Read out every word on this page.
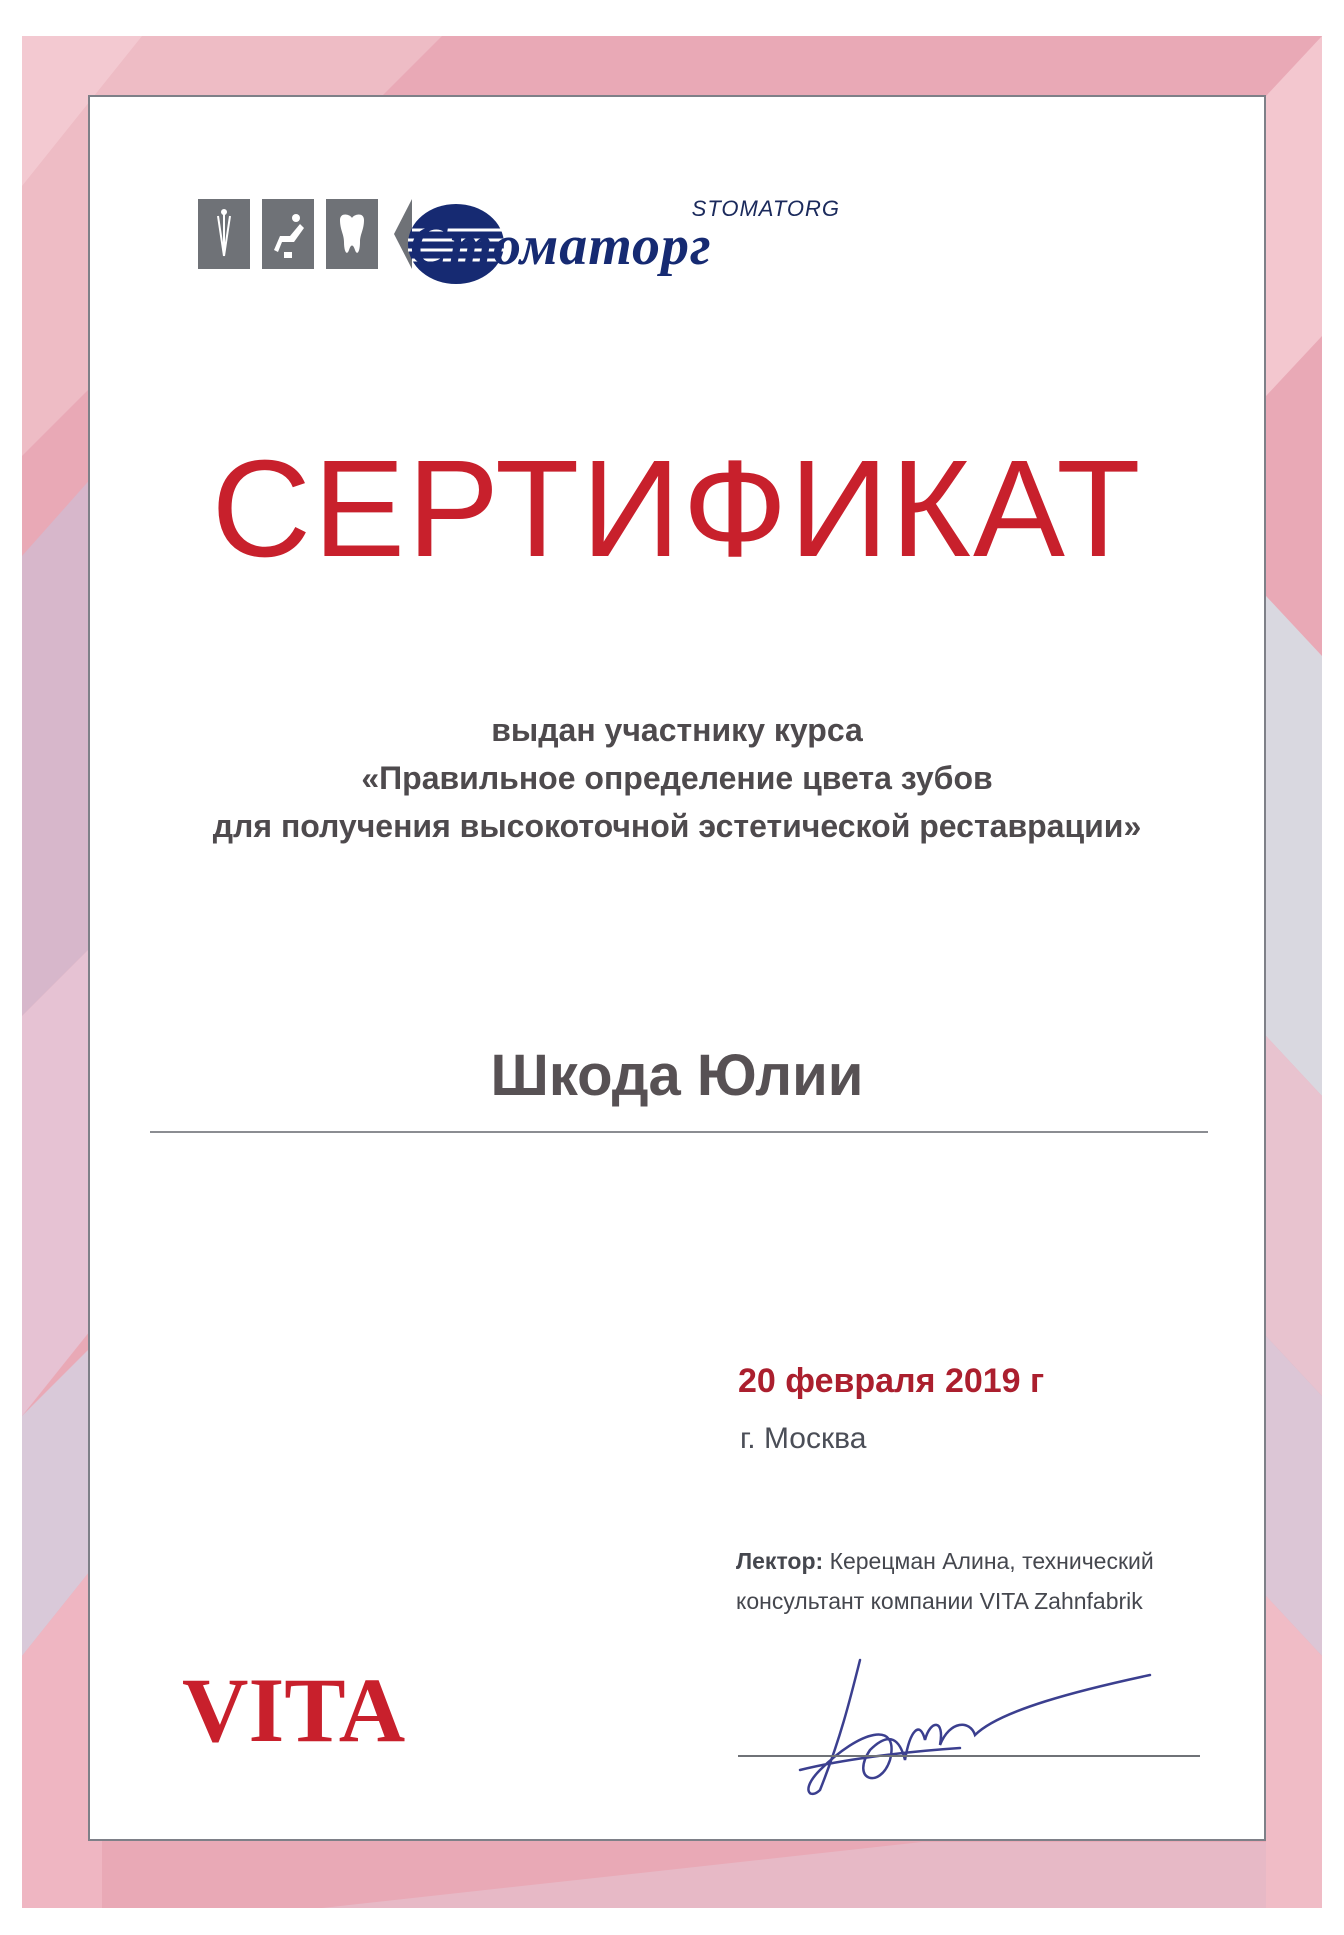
STOMATORG
Стоматорг
СЕРТИФИКАТ
выдан участнику курса
«Правильное определение цвета зубов
для получения высокоточной эстетической реставрации»
Шкода Юлии
20 февраля 2019 г
г. Москва
Лектор: Керецман Алина, технический
консультант компании VITA Zahnfabrik
VITA
